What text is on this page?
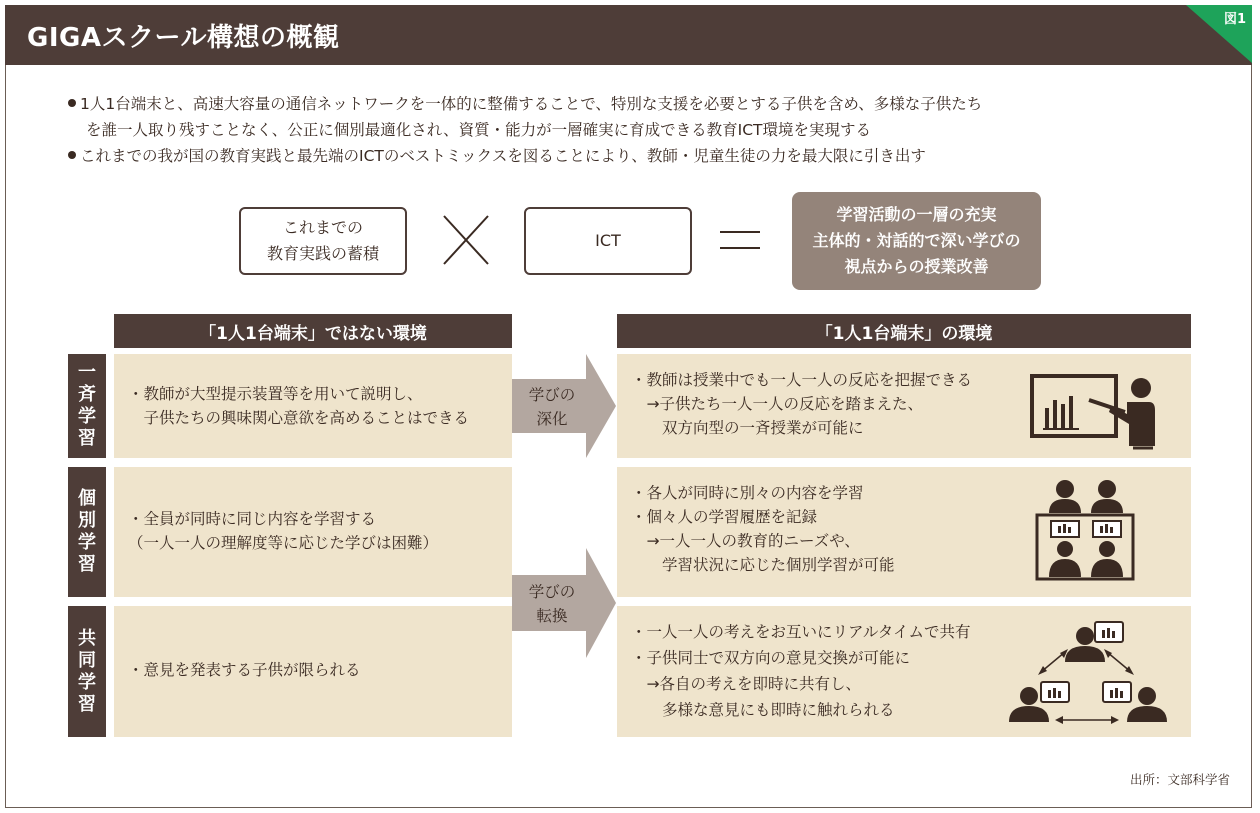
GIGAスクール構想の概観
図1
1人1台端末と、高速大容量の通信ネットワークを一体的に整備することで、特別な支援を必要とする子供を含め、多様な子供たち
を誰一人取り残すことなく、公正に個別最適化され、資質・能力が一層確実に育成できる教育ICT環境を実現する
これまでの我が国の教育実践と最先端のICTのベストミックスを図ることにより、教師・児童生徒の力を最大限に引き出す
これまでの
教育実践の蓄積
ICT
学習活動の一層の充実
主体的・対話的で深い学びの
視点からの授業改善
「1人1台端末」ではない環境	「1人1台端末」の環境
一
斉
学
習
個
別
学
習
共
同
学
習
・教師が大型提示装置等を用いて説明し、
　子供たちの興味関心意欲を高めることはできる
・全員が同時に同じ内容を学習する
（一人一人の理解度等に応じた学びは困難）
・意見を発表する子供が限られる
学びの
深化
学びの
転換
・教師は授業中でも一人一人の反応を把握できる
　→子供たち一人一人の反応を踏まえた、
　　双方向型の一斉授業が可能に
・各人が同時に別々の内容を学習
・個々人の学習履歴を記録
　→一人一人の教育的ニーズや、
　　学習状況に応じた個別学習が可能
・一人一人の考えをお互いにリアルタイムで共有
・子供同士で双方向の意見交換が可能に
　→各自の考えを即時に共有し、
　　多様な意見にも即時に触れられる
出所：文部科学省
